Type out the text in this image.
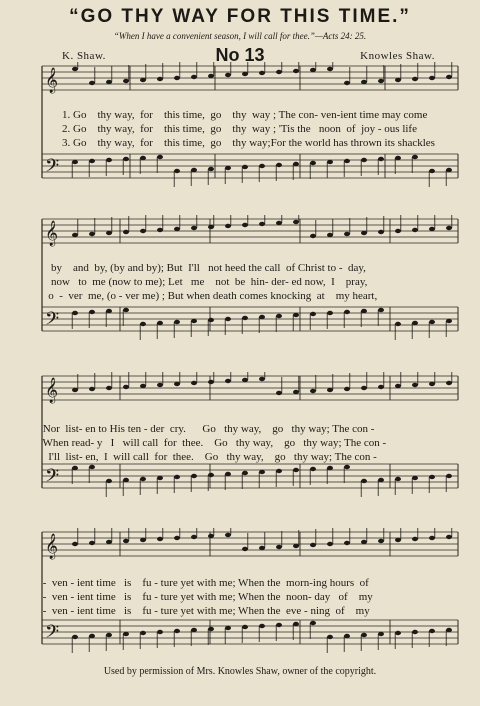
“GO THY WAY FOR THIS TIME.”
“When I have a convenient season, I will call for thee.”—Acts 24: 25.
K. Shaw.	No 13	Knowles Shaw.
𝄞
𝄢
1. Go    thy way,  for    this time,  go    thy  way ; The con- ven-ient time may come
2. Go    thy way,  for    this time,  go    thy  way ; 'Tis the   noon  of  joy - ous life
3. Go    thy way,  for    this time,  go    thy way;For the world has thrown its shackles
𝄞
𝄢
by    and  by, (by and by); But  I'll   not heed the call  of Christ to -  day,
now   to  me (now to me); Let   me    not  be  hin- der- ed now,  I    pray,
o  -  ver  me, (o - ver me) ; But when death comes knocking  at    my heart,
𝄞
𝄢
Nor  list- en to His ten - der  cry.      Go   thy way,    go   thy way; The con -
When read- y   I   will call  for  thee.    Go   thy way,    go   thy way; The con -
I'll  list- en,  I  will call  for  thee.    Go   thy way,    go   thy way; The con -
𝄞
𝄢
-  ven - ient time   is    fu - ture yet with me; When the  morn-ing hours  of
-  ven - ient time   is    fu - ture yet with me; When the  noon- day   of    my
-  ven - ient time   is    fu - ture yet with me; When the  eve - ning  of    my
Used by permission of Mrs. Knowles Shaw, owner of the copyright.
